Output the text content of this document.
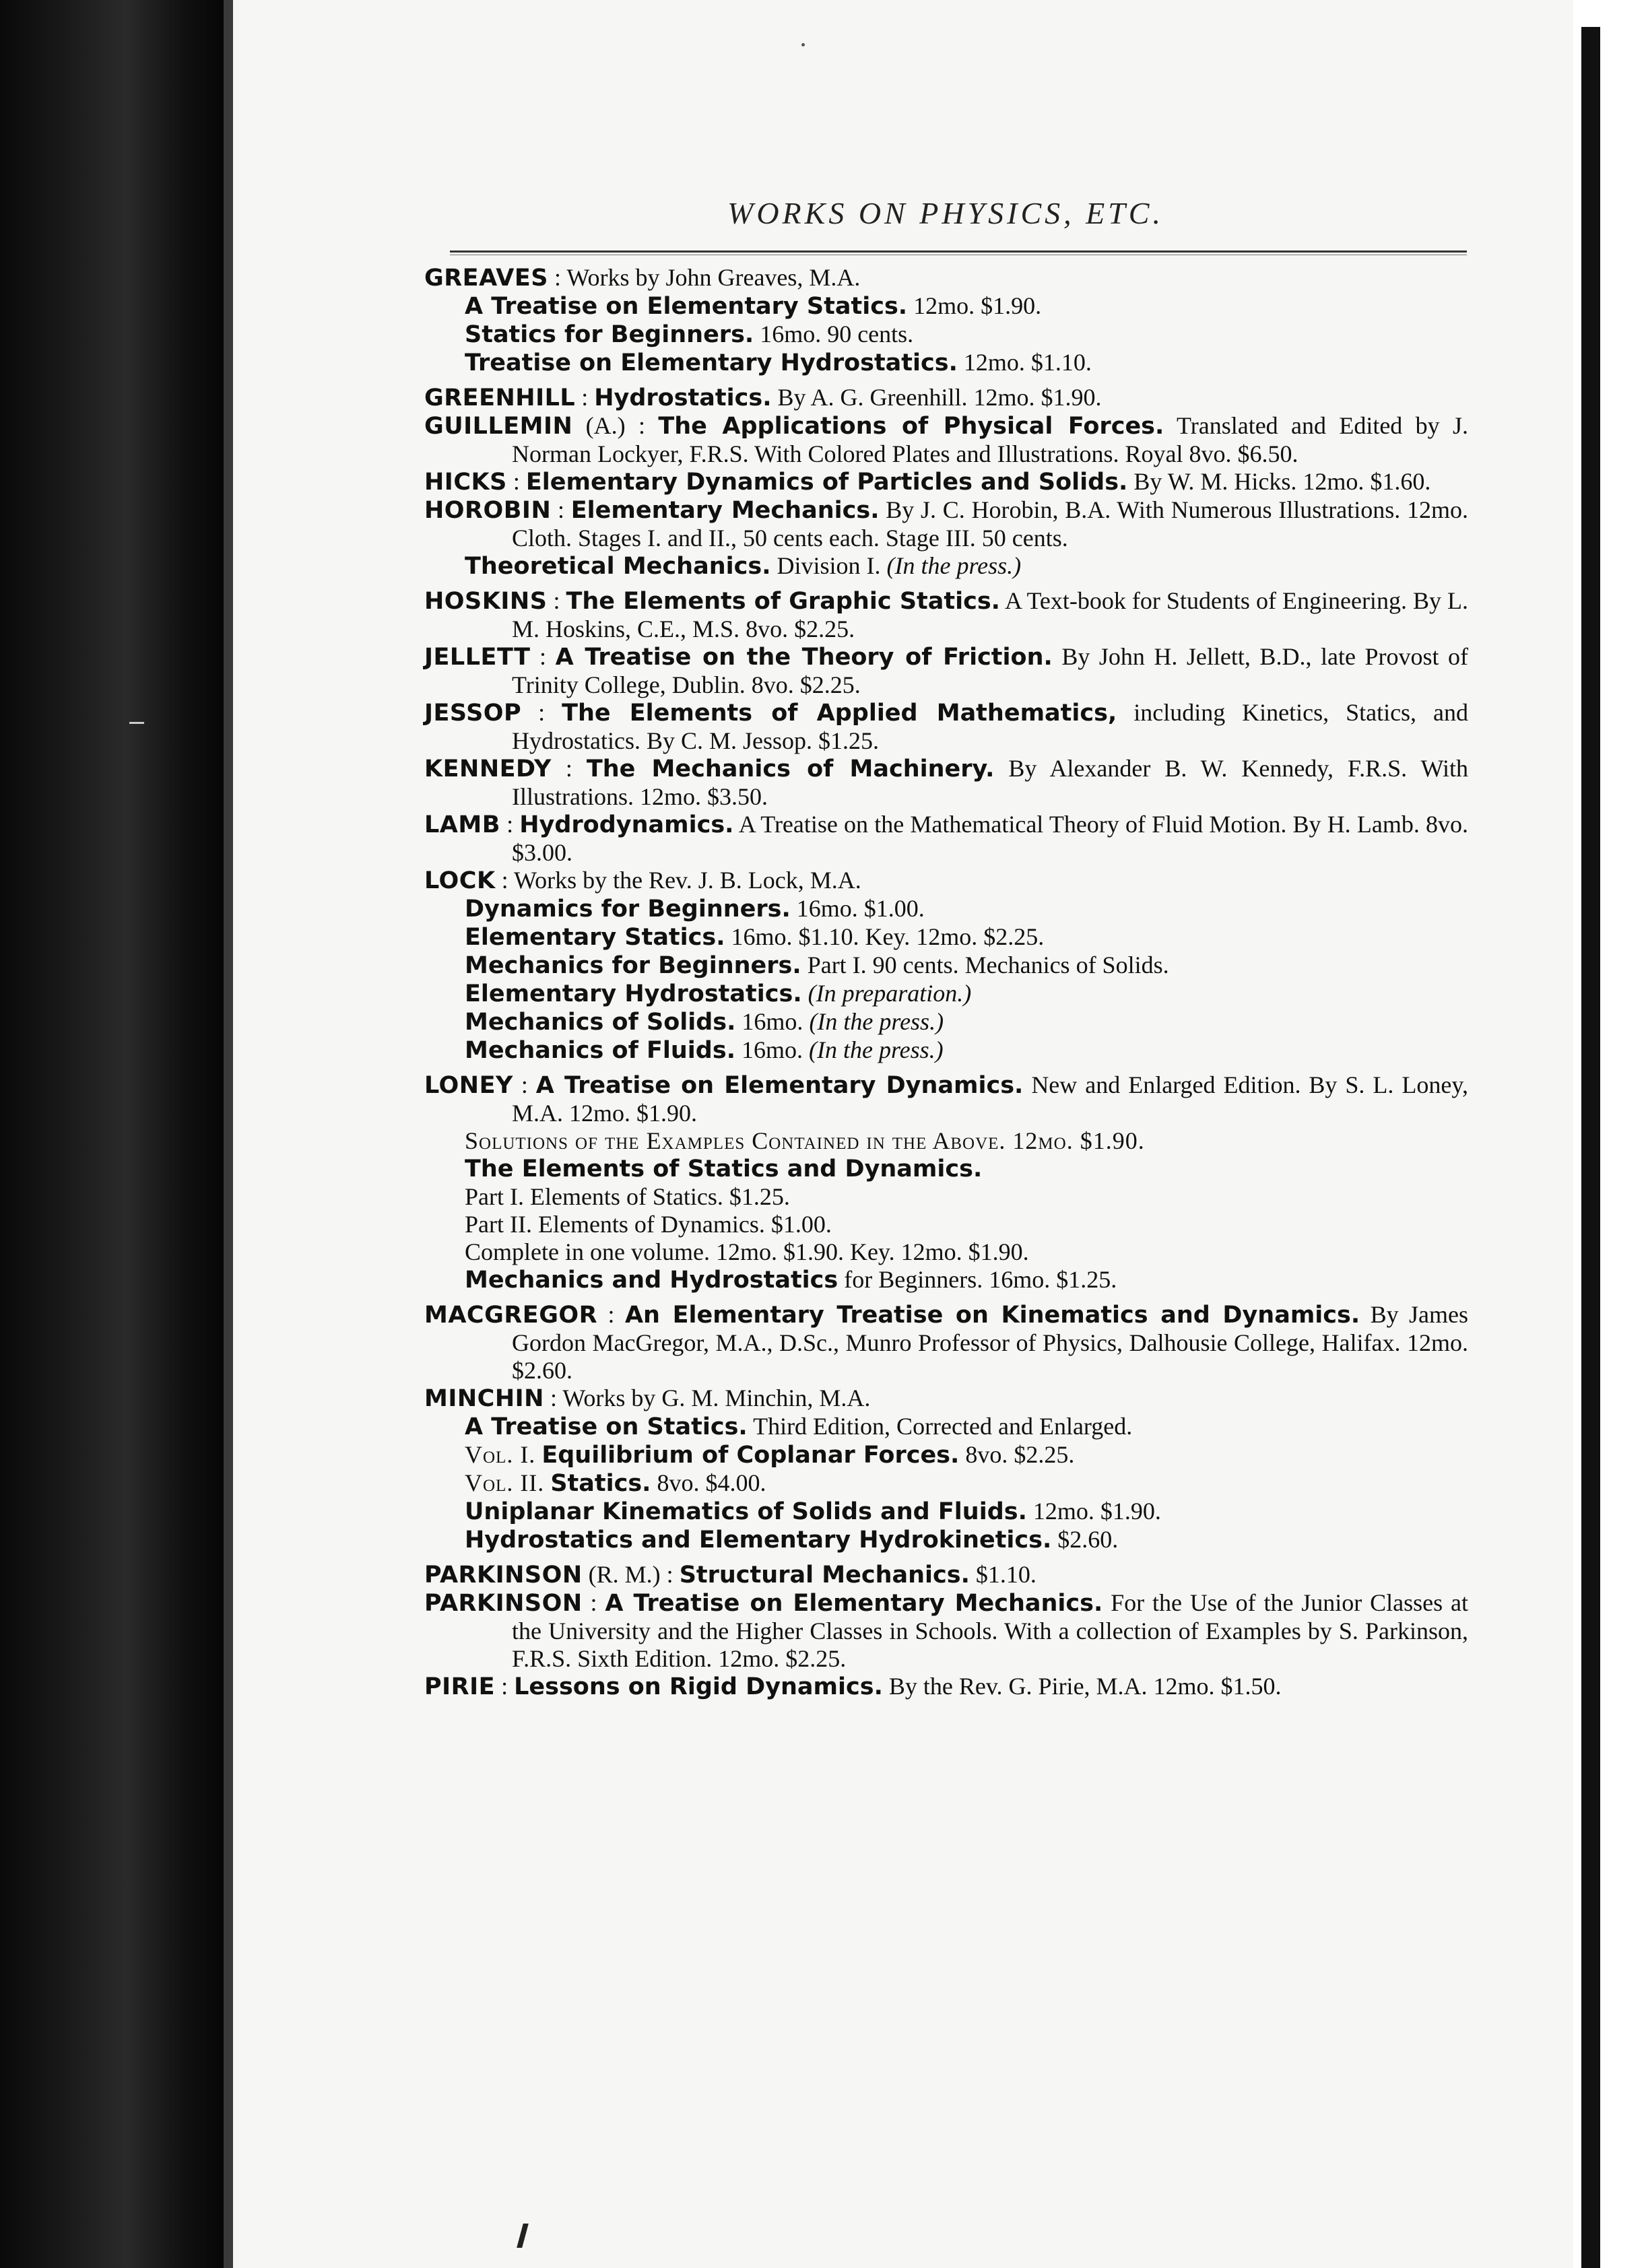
WORKS ON PHYSICS, ETC.
GREAVES : Works by John Greaves, M.A.
A Treatise on Elementary Statics. 12mo. $1.90.
Statics for Beginners. 16mo. 90 cents.
Treatise on Elementary Hydrostatics. 12mo. $1.10.
GREENHILL : Hydrostatics. By A. G. Greenhill. 12mo. $1.90.
GUILLEMIN (A.) : The Applications of Physical Forces. Translated and Edited by J. Norman Lockyer, F.R.S. With Colored Plates and Illustrations. Royal 8vo. $6.50.
HICKS : Elementary Dynamics of Particles and Solids. By W. M. Hicks. 12mo. $1.60.
HOROBIN : Elementary Mechanics. By J. C. Horobin, B.A. With Numerous Illustrations. 12mo. Cloth. Stages I. and II., 50 cents each. Stage III. 50 cents.
Theoretical Mechanics. Division I. (In the press.)
HOSKINS : The Elements of Graphic Statics. A Text-book for Students of Engineering. By L. M. Hoskins, C.E., M.S. 8vo. $2.25.
JELLETT : A Treatise on the Theory of Friction. By John H. Jellett, B.D., late Provost of Trinity College, Dublin. 8vo. $2.25.
JESSOP : The Elements of Applied Mathematics, including Kinetics, Statics, and Hydrostatics. By C. M. Jessop. $1.25.
KENNEDY : The Mechanics of Machinery. By Alexander B. W. Kennedy, F.R.S. With Illustrations. 12mo. $3.50.
LAMB : Hydrodynamics. A Treatise on the Mathematical Theory of Fluid Motion. By H. Lamb. 8vo. $3.00.
LOCK : Works by the Rev. J. B. Lock, M.A.
Dynamics for Beginners. 16mo. $1.00.
Elementary Statics. 16mo. $1.10. Key. 12mo. $2.25.
Mechanics for Beginners. Part I. 90 cents. Mechanics of Solids.
Elementary Hydrostatics. (In preparation.)
Mechanics of Solids. 16mo. (In the press.)
Mechanics of Fluids. 16mo. (In the press.)
LONEY : A Treatise on Elementary Dynamics. New and Enlarged Edition. By S. L. Loney, M.A. 12mo. $1.90.
Solutions of the Examples Contained in the Above. 12mo. $1.90.
The Elements of Statics and Dynamics.
Part I. Elements of Statics. $1.25.
Part II. Elements of Dynamics. $1.00.
Complete in one volume. 12mo. $1.90. Key. 12mo. $1.90.
Mechanics and Hydrostatics for Beginners. 16mo. $1.25.
MACGREGOR : An Elementary Treatise on Kinematics and Dynamics. By James Gordon MacGregor, M.A., D.Sc., Munro Professor of Physics, Dalhousie College, Halifax. 12mo. $2.60.
MINCHIN : Works by G. M. Minchin, M.A.
A Treatise on Statics. Third Edition, Corrected and Enlarged.
Vol. I. Equilibrium of Coplanar Forces. 8vo. $2.25.
Vol. II. Statics. 8vo. $4.00.
Uniplanar Kinematics of Solids and Fluids. 12mo. $1.90.
Hydrostatics and Elementary Hydrokinetics. $2.60.
PARKINSON (R. M.) : Structural Mechanics. $1.10.
PARKINSON : A Treatise on Elementary Mechanics. For the Use of the Junior Classes at the University and the Higher Classes in Schools. With a collection of Examples by S. Parkinson, F.R.S. Sixth Edition. 12mo. $2.25.
PIRIE : Lessons on Rigid Dynamics. By the Rev. G. Pirie, M.A. 12mo. $1.50.
